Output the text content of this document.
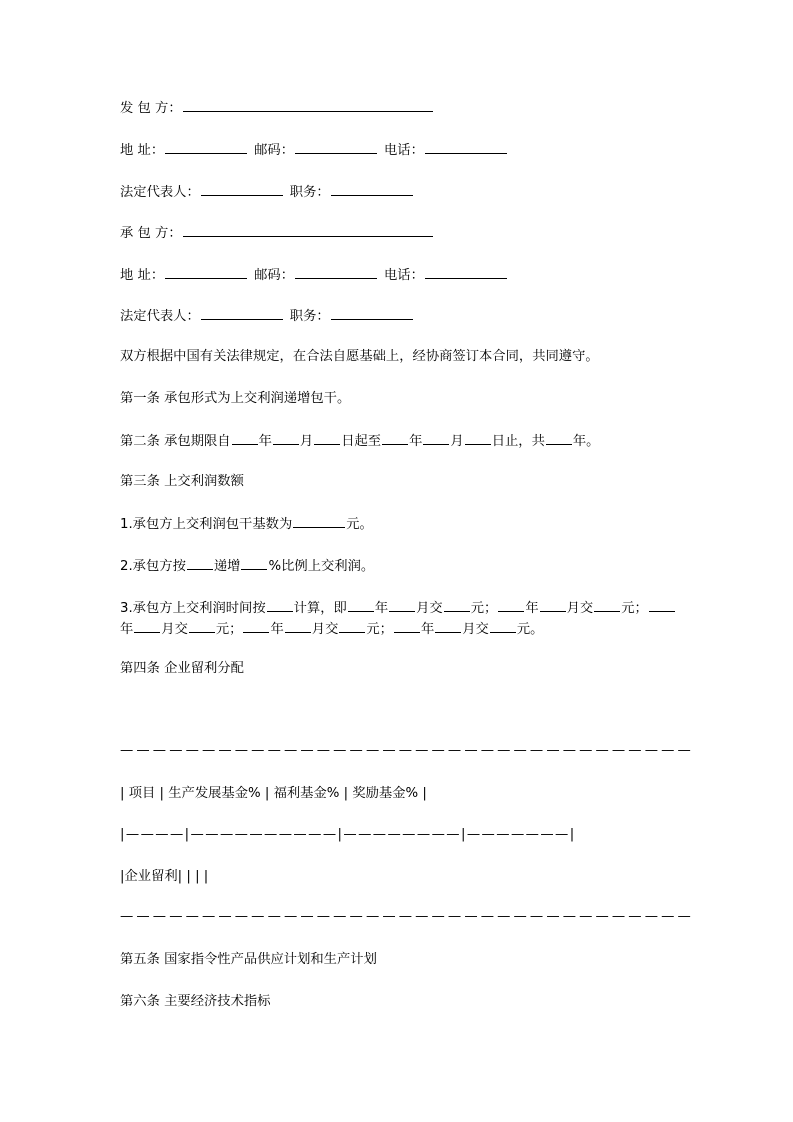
发 包 方：
地 址：	邮码：	电话：
法定代表人：	职务：
承 包 方：
地 址：	邮码：	电话：
法定代表人：	职务：
双方根据中国有关法律规定，在合法自愿基础上，经协商签订本合同，共同遵守。
第一条 承包形式为上交利润递增包干。
第二条 承包期限自 年 月 日起至 年 月 日止，共 年。
第三条 上交利润数额
1.承包方上交利润包干基数为	元。
2.承包方按 递增 %比例上交利润。
3.承包方上交利润时间按 计算，即 年 月交 元； 年 月交 元；
年 月交 元； 年 月交 元； 年 月交 元。
第四条 企业留利分配
———————————————————————————————————
| 项目 | 生产发展基金% | 福利基金% | 奖励基金% |
|————|——————————|————————|———————|
|企业留利| | | |
———————————————————————————————————
第五条 国家指令性产品供应计划和生产计划
第六条 主要经济技术指标
